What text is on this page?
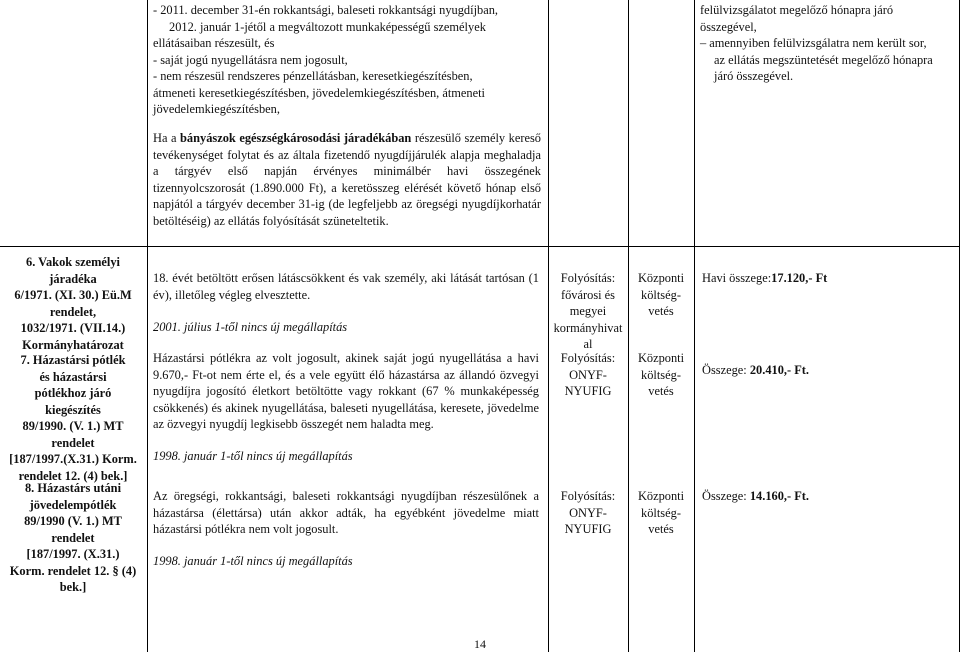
- 2011. december 31-én rokkantsági, baleseti rokkantsági nyugdíjban,
2012. január 1-jétől a megváltozott munkaképességű személyek
ellátásaiban részesült, és
- saját jogú nyugellátásra nem jogosult,
- nem részesül rendszeres pénzellátásban, keresetkiegészítésben,
átmeneti keresetkiegészítésben, jövedelemkiegészítésben, átmeneti
jövedelemkiegészítésben,
Ha a bányászok egészségkárosodási járadékában részesülő személy kereső tevékenységet folytat és az általa fizetendő nyugdíjjárulék alapja meghaladja a tárgyév első napján érvényes minimálbér havi összegének tizennyolcszorosát (1.890.000 Ft), a keretösszeg elérését követő hónap első napjától a tárgyév december 31-ig (de legfeljebb az öregségi nyugdíjkorhatár betöltéséig) az ellátás folyósítását szüneteltetik.
felülvizsgálatot megelőző hónapra járó
összegével,
– amennyiben felülvizsgálatra nem került sor,
az ellátás megszüntetését megelőző hónapra
járó összegével.
6. Vakok személyi
járadéka
6/1971. (XI. 30.) Eü.M
rendelet,
1032/1971. (VII.14.)
Kormányhatározat

18. évét betöltött erősen látáscsökkent és vak személy, aki látását tartósan (1 év), illetőleg végleg elvesztette.

2001. július 1-től nincs új megállapítás

Folyósítás:
fővárosi és
megyei
kormányhivat
al
Központi
költség-
vetés
Havi összege:17.120,- Ft
7. Házastársi pótlék
és házastársi
pótlékhoz járó
kiegészítés
89/1990. (V. 1.) MT
rendelet
[187/1997.(X.31.) Korm.
rendelet 12. (4) bek.]

Házastársi pótlékra az volt jogosult, akinek saját jogú nyugellátása a havi 9.670,- Ft-ot nem érte el, és a vele együtt élő házastársa az állandó özvegyi nyugdíjra jogosító életkort betöltötte vagy rokkant (67 % munkaképesség csökkenés) és akinek nyugellátása, baleseti nyugellátása, keresete, jövedelme az özvegyi nyugdíj legkisebb összegét nem haladta meg.

1998. január 1-től nincs új megállapítás

Folyósítás:
ONYF-
NYUFIG
Központi
költség-
vetés
Összege: 20.410,- Ft.
8. Házastárs utáni
jövedelempótlék
89/1990 (V. 1.) MT
rendelet
[187/1997. (X.31.)
Korm. rendelet 12. § (4)
bek.]

Az öregségi, rokkantsági, baleseti rokkantsági nyugdíjban részesülőnek a házastársa (élettársa) után akkor adták, ha egyébként jövedelme miatt házastársi pótlékra nem volt jogosult.

1998. január 1-től nincs új megállapítás

Folyósítás:
ONYF-
NYUFIG
Központi
költség-
vetés
Összege: 14.160,- Ft.
14
